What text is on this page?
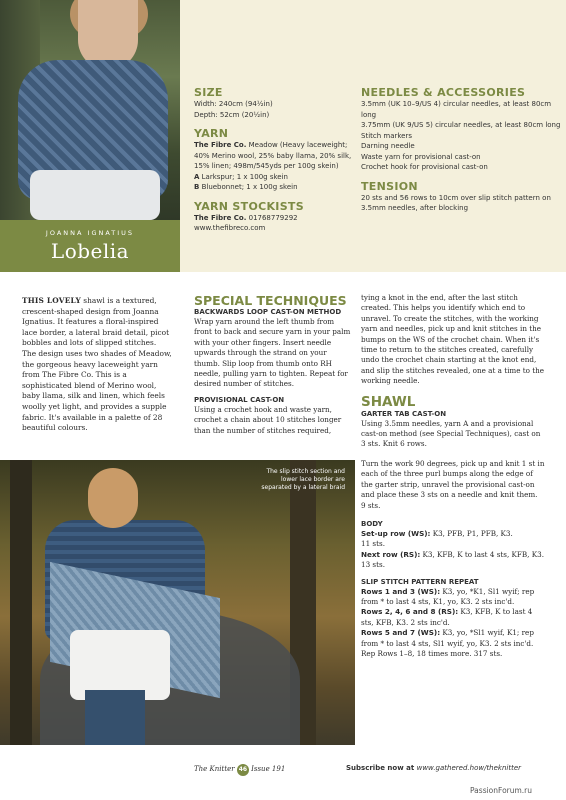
JOANNA IGNATIUS
Lobelia

SIZE

Width: 240cm (94½in)
Depth: 52cm (20½in)

YARN

The Fibre Co. Meadow (Heavy laceweight; 40% Merino wool, 25% baby llama, 20% silk, 15% linen; 498m/545yds per 100g skein)
A Larkspur; 1 x 100g skein
B Bluebonnet; 1 x 100g skein

YARN STOCKISTS

The Fibre Co. 01768779292
www.thefibreco.com

NEEDLES & ACCESSORIES

3.5mm (UK 10–9/US 4) circular needles, at least 80cm long
3.75mm (UK 9/US 5) circular needles, at least 80cm long
Stitch markers
Darning needle
Waste yarn for provisional cast-on
Crochet hook for provisional cast-on

TENSION

20 sts and 56 rows to 10cm over slip stitch pattern on 3.5mm needles, after blocking
THIS LOVELY shawl is a textured, crescent-shaped design from Joanna Ignatius. It features a floral-inspired lace border, a lateral braid detail, picot bobbles and lots of slipped stitches. The design uses two shades of Meadow, the gorgeous heavy laceweight yarn from The Fibre Co. This is a sophisticated blend of Merino wool, baby llama, silk and linen, which feels woolly yet light, and provides a supple fabric. It's available in a palette of 28 beautiful colours.

SPECIAL TECHNIQUES

BACKWARDS LOOP CAST-ON METHOD

Wrap yarn around the left thumb from front to back and secure yarn in your palm with your other fingers. Insert needle upwards through the strand on your thumb. Slip loop from thumb onto RH needle, pulling yarn to tighten. Repeat for desired number of stitches.

PROVISIONAL CAST-ON

Using a crochet hook and waste yarn, crochet a chain about 10 stitches longer than the number of stitches required,
tying a knot in the end, after the last stitch created. This helps you identify which end to unravel. To create the stitches, with the working yarn and needles, pick up and knit stitches in the bumps on the WS of the crochet chain. When it's time to return to the stitches created, carefully undo the crochet chain starting at the knot end, and slip the stitches revealed, one at a time to the working needle.

SHAWL

GARTER TAB CAST-ON

Using 3.5mm needles, yarn A and a provisional cast-on method (see Special Techniques), cast on 3 sts. Knit 6 rows.
Turn the work 90 degrees, pick up and knit 1 st in each of the three purl bumps along the edge of the garter strip, unravel the provisional cast-on and place these 3 sts on a needle and knit them.
9 sts.

BODY

Set-up row (WS): K3, PFB, P1, PFB, K3.
11 sts.
Next row (RS): K3, KFB, K to last 4 sts, KFB, K3. 13 sts.

SLIP STITCH PATTERN REPEAT

Rows 1 and 3 (WS): K3, yo, *K1, Sl1 wyif; rep from * to last 4 sts, K1, yo, K3. 2 sts inc'd.
Rows 2, 4, 6 and 8 (RS): K3, KFB, K to last 4 sts, KFB, K3. 2 sts inc'd.
Rows 5 and 7 (WS): K3, yo, *Sl1 wyif, K1; rep from * to last 4 sts, Sl1 wyif, yo, K3. 2 sts inc'd.
Rep Rows 1–8, 18 times more. 317 sts.
The slip stitch section and lower lace border are separated by a lateral braid
The Knitter 46 Issue 191	Subscribe now at www.gathered.how/theknitter
PassionForum.ru
